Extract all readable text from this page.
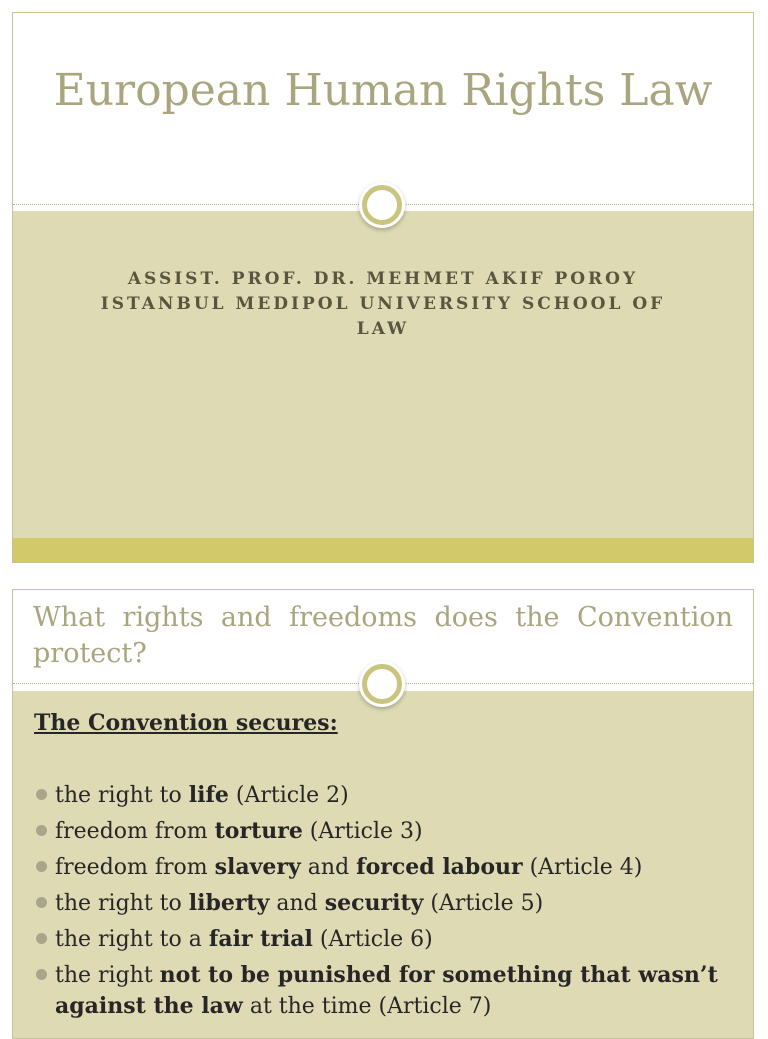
European Human Rights Law
ASSIST. PROF. DR. MEHMET AKIF POROY
ISTANBUL MEDIPOL UNIVERSITY SCHOOL OF LAW
What rights and freedoms does the Convention protect?
The Convention secures:
the right to life (Article 2)
freedom from torture (Article 3)
freedom from slavery and forced labour (Article 4)
the right to liberty and security (Article 5)
the right to a fair trial (Article 6)
the right not to be punished for something that wasn’t against the law at the time (Article 7)
